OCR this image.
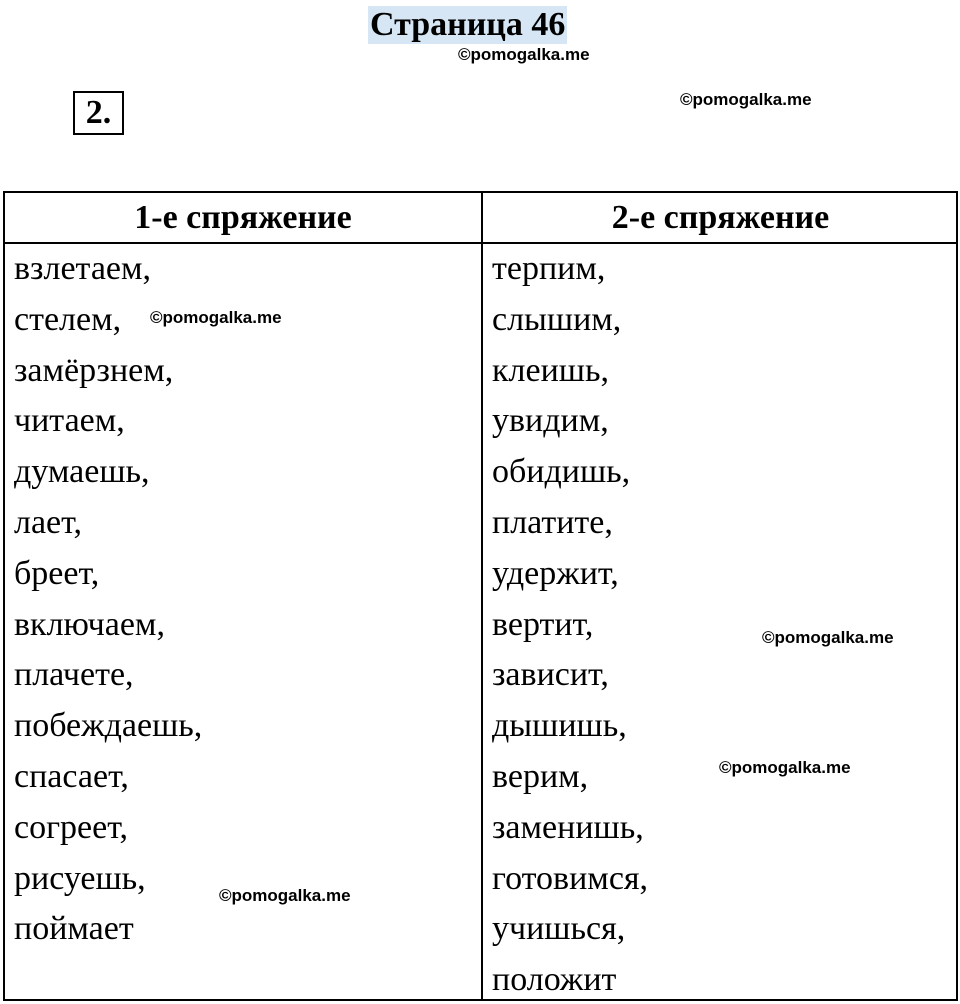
Страница 46
©pomogalka.me
2.	©pomogalka.me
1-е спряжение	2-е спряжение
взлетаем,
стелем,
замёрзнем,
читаем,
думаешь,
лает,
бреет,
включаем,
плачете,
побеждаешь,
спасает,
согреет,
рисуешь,
поймает
терпим,
слышим,
клеишь,
увидим,
обидишь,
платите,
удержит,
вертит,
зависит,
дышишь,
верим,
заменишь,
готовимся,
учишься,
положит
©pomogalka.me
©pomogalka.me
©pomogalka.me
©pomogalka.me
